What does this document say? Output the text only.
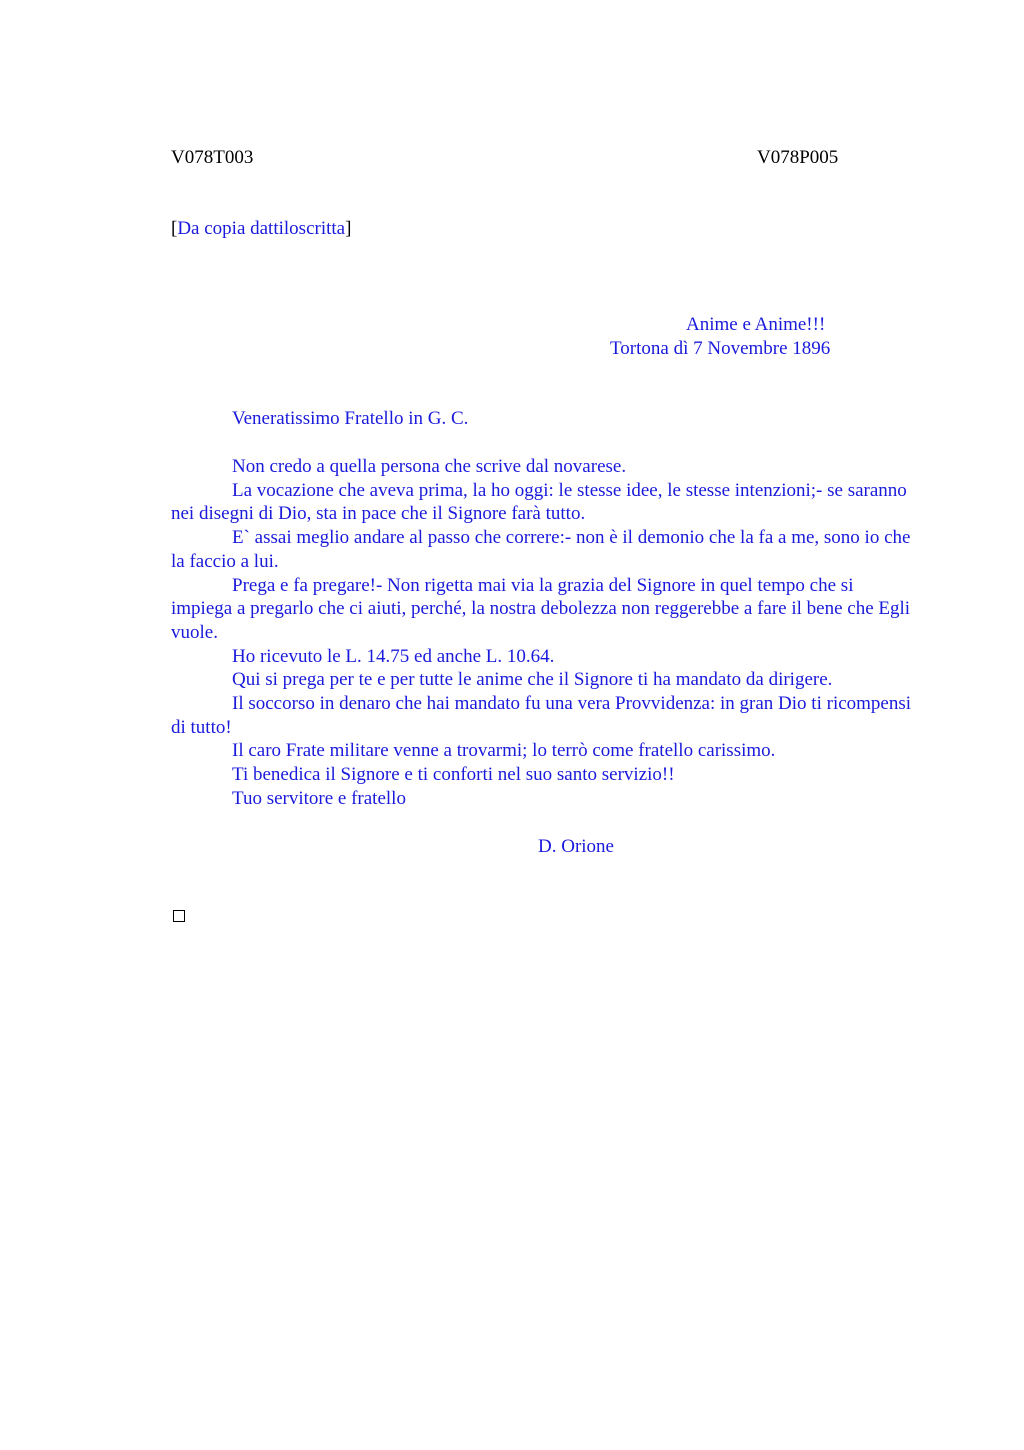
V078T003	V078P005
[Da copia dattiloscritta]
Anime e Anime!!!
Tortona dì 7 Novembre 1896
Veneratissimo Fratello in G. C.

Non credo a quella persona che scrive dal novarese.

La vocazione che aveva prima, la ho oggi: le stesse idee, le stesse intenzioni;- se saranno nei disegni di Dio, sta in pace che il Signore farà tutto.

E` assai meglio andare al passo che correre:- non è il demonio che la fa a me, sono io che la faccio a lui.

Prega e fa pregare!- Non rigetta mai via la grazia del Signore in quel tempo che si impiega a pregarlo che ci aiuti, perché, la nostra debolezza non reggerebbe a fare il bene che Egli vuole.

Ho ricevuto le L. 14.75 ed anche L. 10.64.

Qui si prega per te e per tutte le anime che il Signore ti ha mandato da dirigere.

Il soccorso in denaro che hai mandato fu una vera Provvidenza: in gran Dio ti ricompensi di tutto!

Il caro Frate militare venne a trovarmi; lo terrò come fratello carissimo.

Ti benedica il Signore e ti conforti nel suo santo servizio!!

Tuo servitore e fratello

D. Orione
